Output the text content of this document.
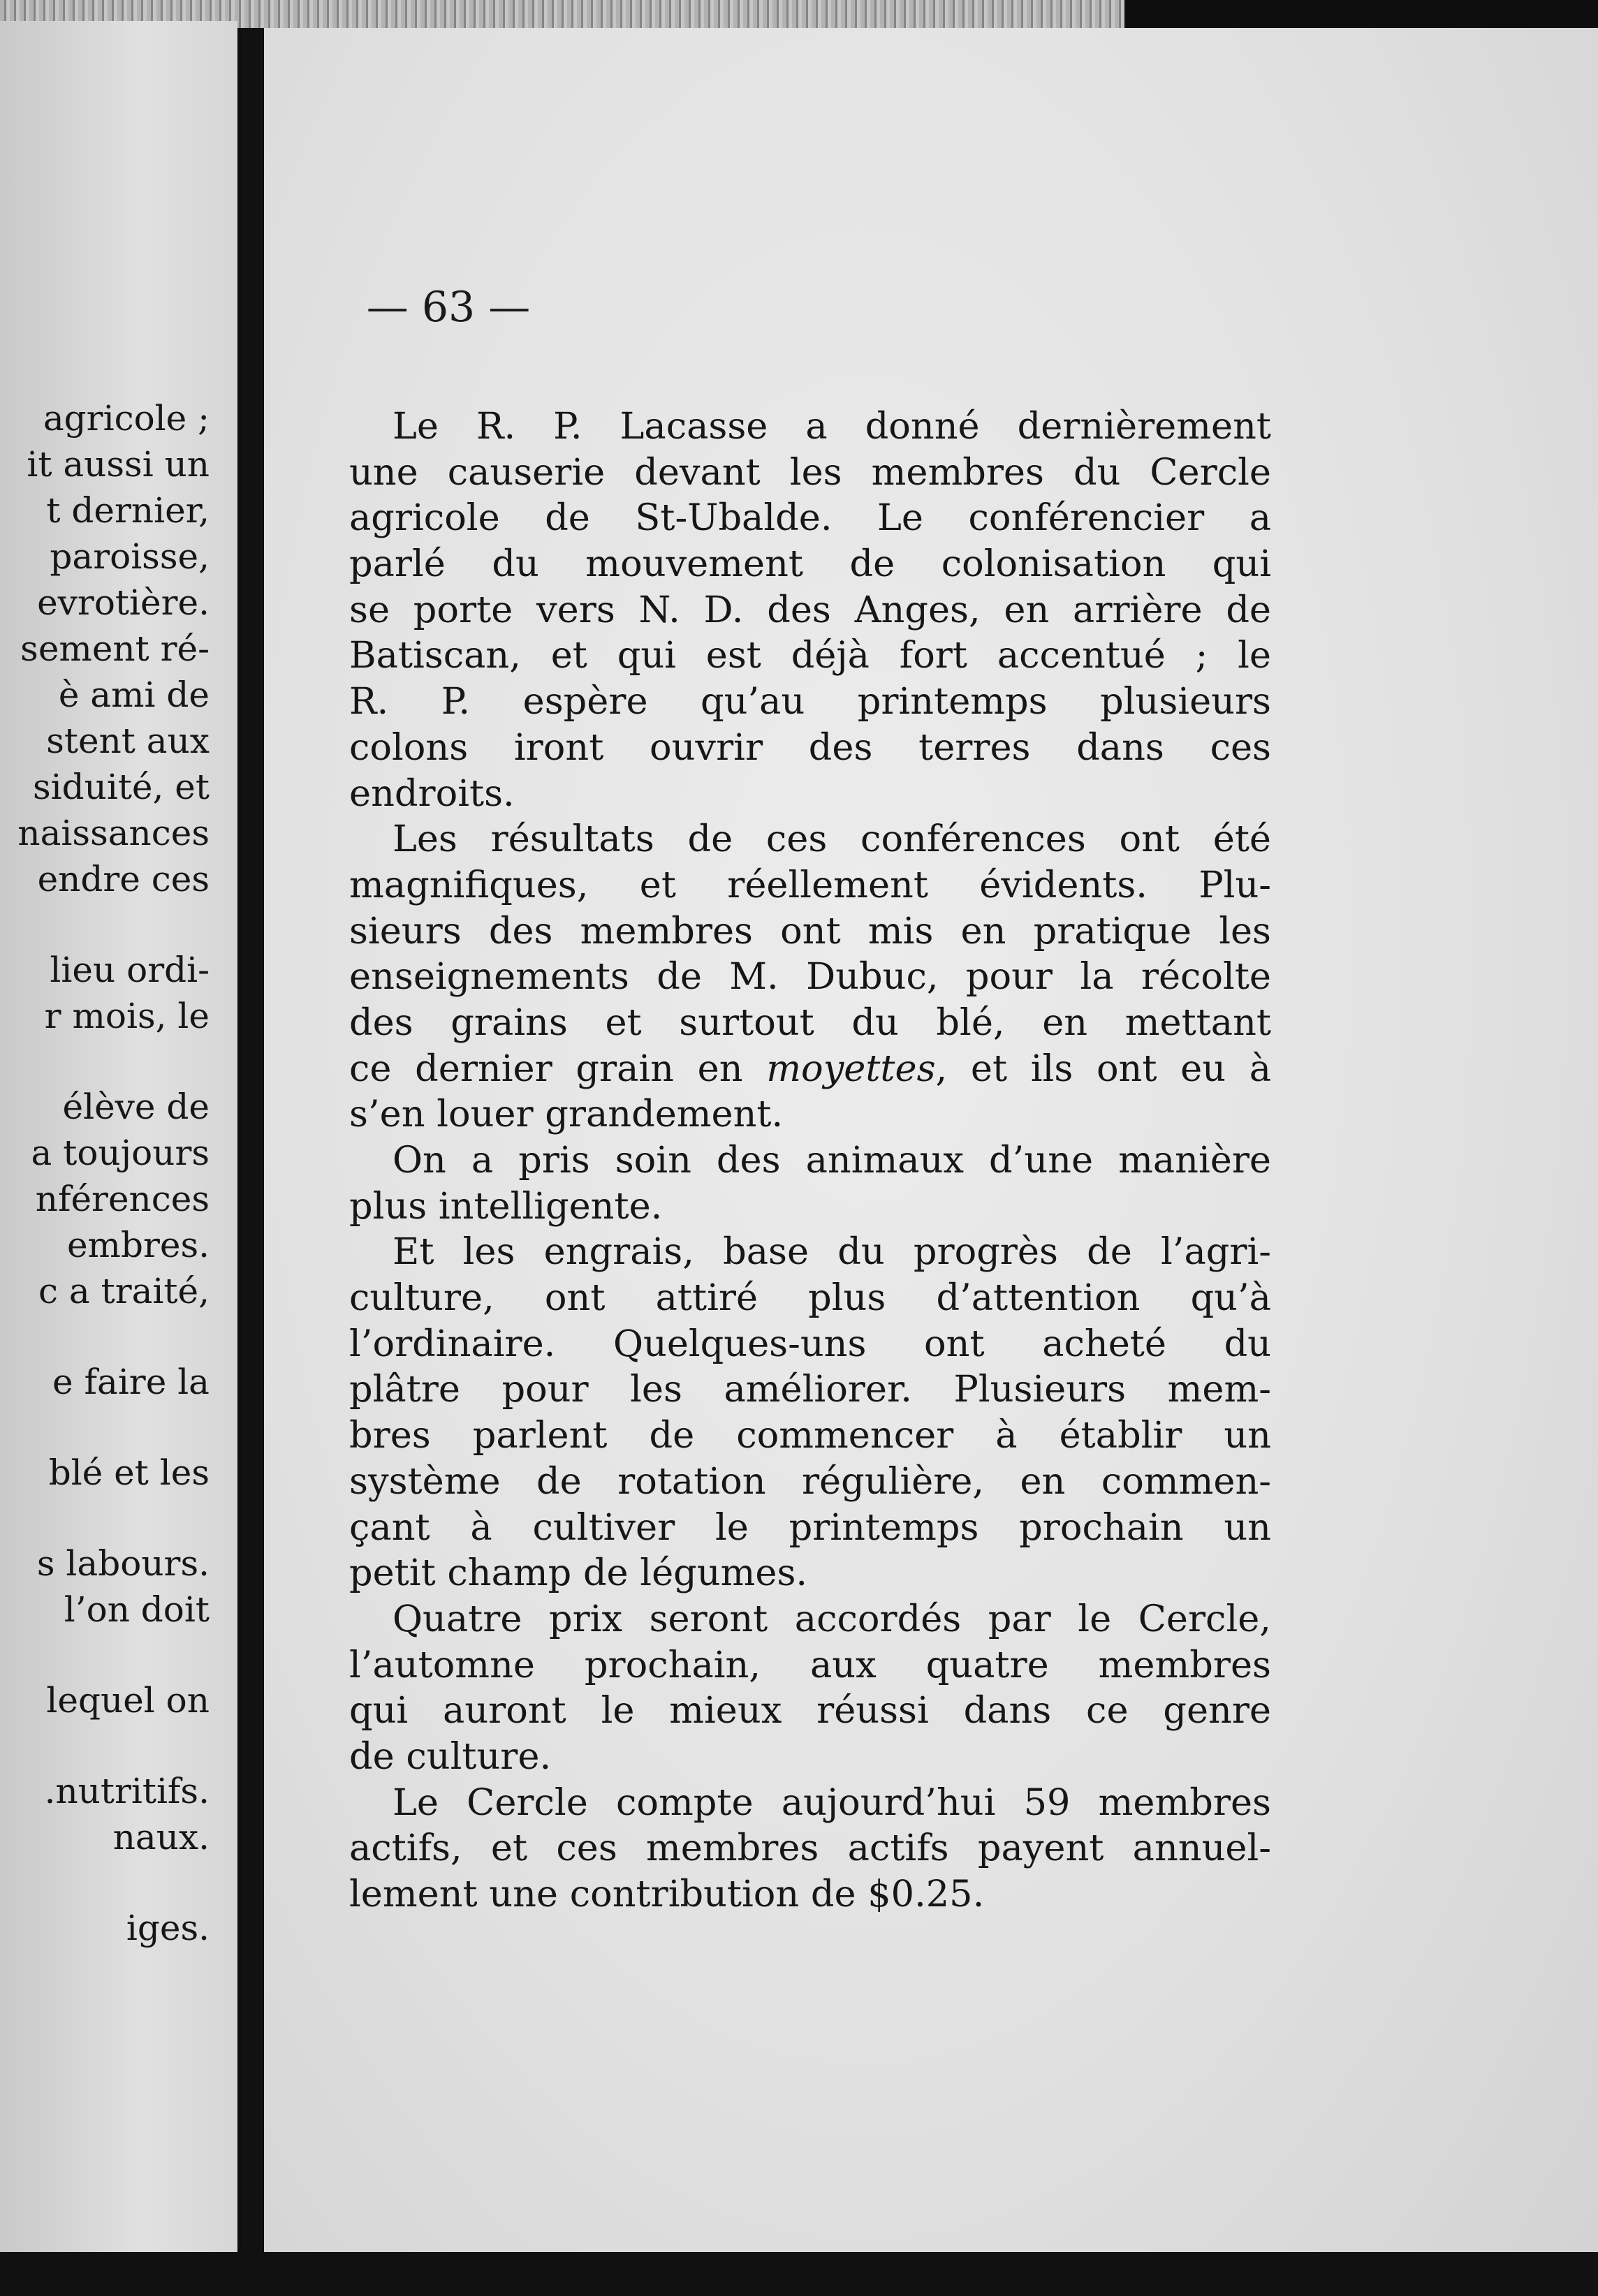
agricole ;
it aussi un
t dernier,
paroisse,
evrotière.
sement ré-
è ami de
stent aux
siduité, et
naissances
endre ces
lieu ordi-
r mois, le
élève de
a toujours
nférences
embres.
c a traité,
e faire la
blé et les
s labours.
l’on doit
lequel on
.nutritifs.
naux.
iges.
— 63 —
Le R. P. Lacasse a donné dernièrement
une causerie devant les membres du Cercle
agricole de St-Ubalde. Le conférencier a
parlé du mouvement de colonisation qui
se porte vers N. D. des Anges, en arrière de
Batiscan, et qui est déjà fort accentué ; le
R. P. espère qu’au printemps plusieurs
colons iront ouvrir des terres dans ces
endroits.
Les résultats de ces conférences ont été
magnifiques, et réellement évidents. Plu-
sieurs des membres ont mis en pratique les
enseignements de M. Dubuc, pour la récolte
des grains et surtout du blé, en mettant
ce dernier grain en moyettes, et ils ont eu à
s’en louer grandement.
On a pris soin des animaux d’une manière
plus intelligente.
Et les engrais, base du progrès de l’agri-
culture, ont attiré plus d’attention qu’à
l’ordinaire. Quelques-uns ont acheté du
plâtre pour les améliorer. Plusieurs mem-
bres parlent de commencer à établir un
système de rotation régulière, en commen-
çant à cultiver le printemps prochain un
petit champ de légumes.
Quatre prix seront accordés par le Cercle,
l’automne prochain, aux quatre membres
qui auront le mieux réussi dans ce genre
de culture.
Le Cercle compte aujourd’hui 59 membres
actifs, et ces membres actifs payent annuel-
lement une contribution de $0.25.
